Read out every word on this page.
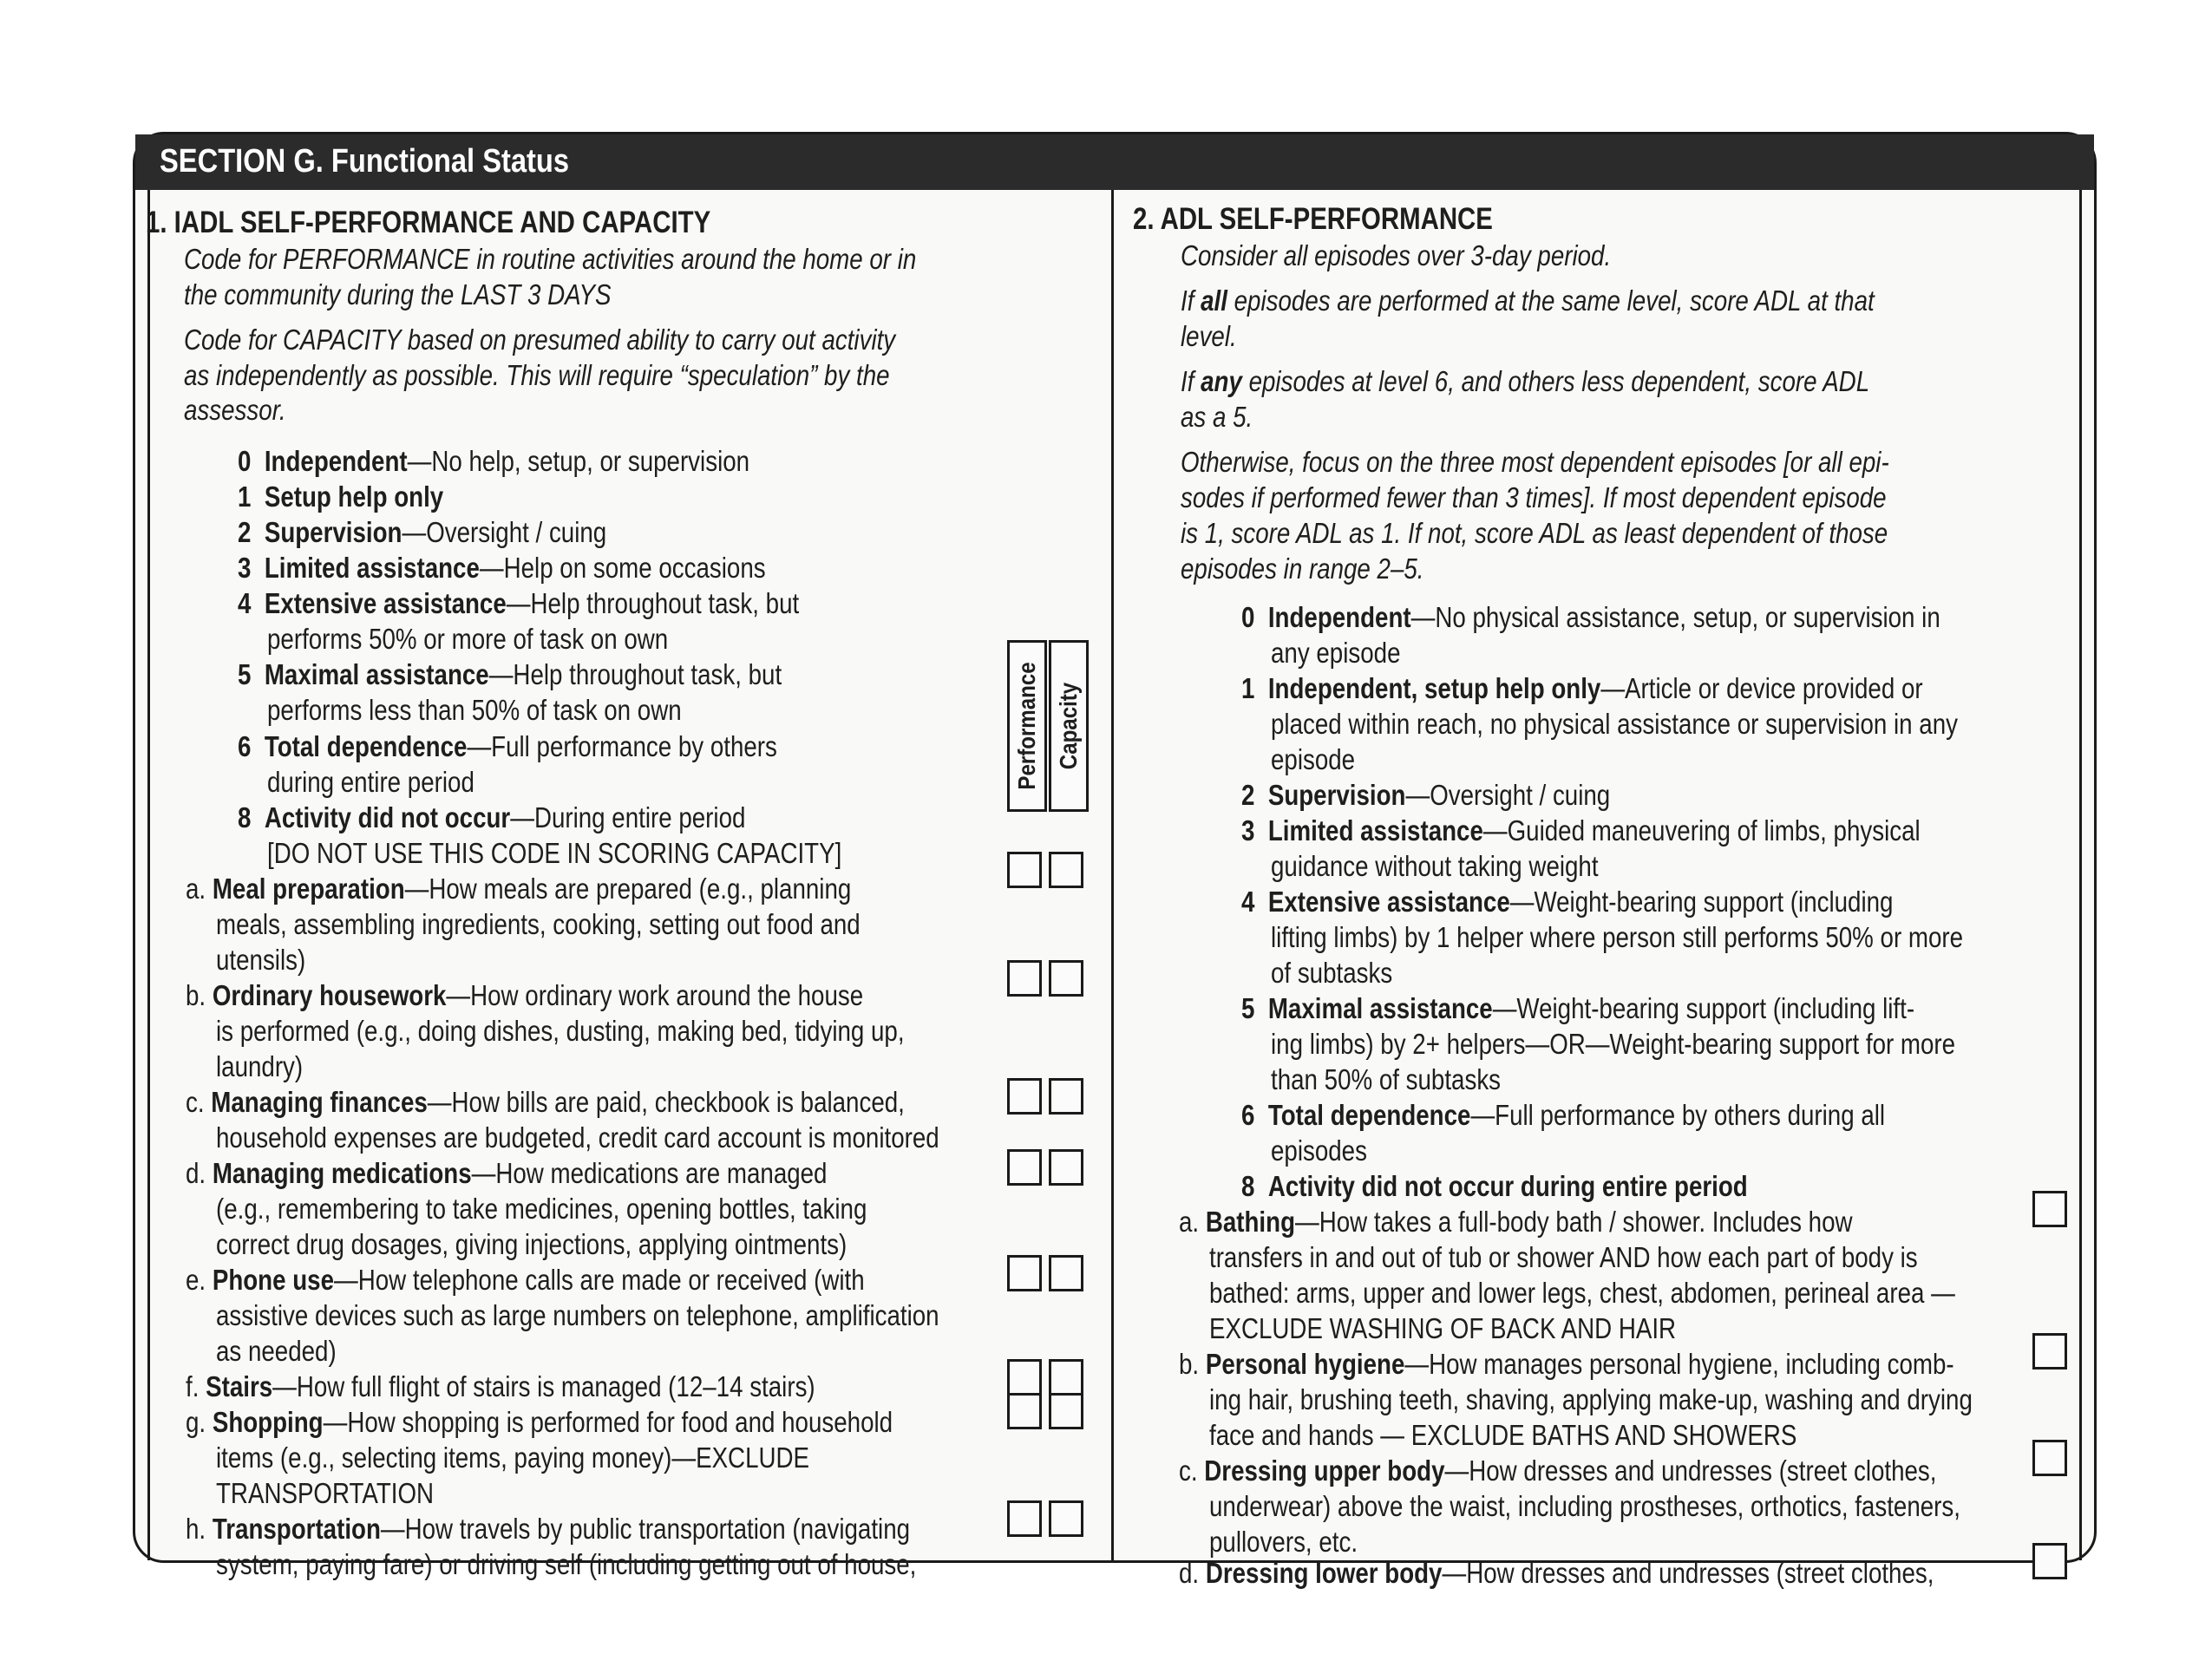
SECTION G. Functional Status
1. IADL SELF-PERFORMANCE AND CAPACITY
Code for PERFORMANCE in routine activities around the home or in
the community during the LAST 3 DAYS
Code for CAPACITY based on presumed ability to carry out activity
as independently as possible. This will require “speculation” by the
assessor.
0 Independent—No help, setup, or supervision
1 Setup help only
2 Supervision—Oversight / cuing
3 Limited assistance—Help on some occasions
4 Extensive assistance—Help throughout task, but
performs 50% or more of task on own
5 Maximal assistance—Help throughout task, but
performs less than 50% of task on own
6 Total dependence—Full performance by others
during entire period
8 Activity did not occur—During entire period
[DO NOT USE THIS CODE IN SCORING CAPACITY]
Performance Capacity
a. Meal preparation—How meals are prepared (e.g., planning
meals, assembling ingredients, cooking, setting out food and
utensils)
b. Ordinary housework—How ordinary work around the house
is performed (e.g., doing dishes, dusting, making bed, tidying up,
laundry)
c. Managing finances—How bills are paid, checkbook is balanced,
household expenses are budgeted, credit card account is monitored
d. Managing medications—How medications are managed
(e.g., remembering to take medicines, opening bottles, taking
correct drug dosages, giving injections, applying ointments)
e. Phone use—How telephone calls are made or received (with
assistive devices such as large numbers on telephone, amplification
as needed)
f. Stairs—How full flight of stairs is managed (12–14 stairs)
g. Shopping—How shopping is performed for food and household
items (e.g., selecting items, paying money)—EXCLUDE
TRANSPORTATION
h. Transportation—How travels by public transportation (navigating
system, paying fare) or driving self (including getting out of house,
2. ADL SELF-PERFORMANCE
Consider all episodes over 3-day period.
If all episodes are performed at the same level, score ADL at that
level.
If any episodes at level 6, and others less dependent, score ADL
as a 5.
Otherwise, focus on the three most dependent episodes [or all epi-
sodes if performed fewer than 3 times]. If most dependent episode
is 1, score ADL as 1. If not, score ADL as least dependent of those
episodes in range 2–5.
0 Independent—No physical assistance, setup, or supervision in
any episode
1 Independent, setup help only—Article or device provided or
placed within reach, no physical assistance or supervision in any
episode
2 Supervision—Oversight / cuing
3 Limited assistance—Guided maneuvering of limbs, physical
guidance without taking weight
4 Extensive assistance—Weight-bearing support (including
lifting limbs) by 1 helper where person still performs 50% or more
of subtasks
5 Maximal assistance—Weight-bearing support (including lift-
ing limbs) by 2+ helpers—OR—Weight-bearing support for more
than 50% of subtasks
6 Total dependence—Full performance by others during all
episodes
8 Activity did not occur during entire period
a. Bathing—How takes a full-body bath / shower. Includes how
transfers in and out of tub or shower AND how each part of body is
bathed: arms, upper and lower legs, chest, abdomen, perineal area —
EXCLUDE WASHING OF BACK AND HAIR
b. Personal hygiene—How manages personal hygiene, including comb-
ing hair, brushing teeth, shaving, applying make-up, washing and drying
face and hands — EXCLUDE BATHS AND SHOWERS
c. Dressing upper body—How dresses and undresses (street clothes,
underwear) above the waist, including prostheses, orthotics, fasteners,
pullovers, etc.
d. Dressing lower body—How dresses and undresses (street clothes,
